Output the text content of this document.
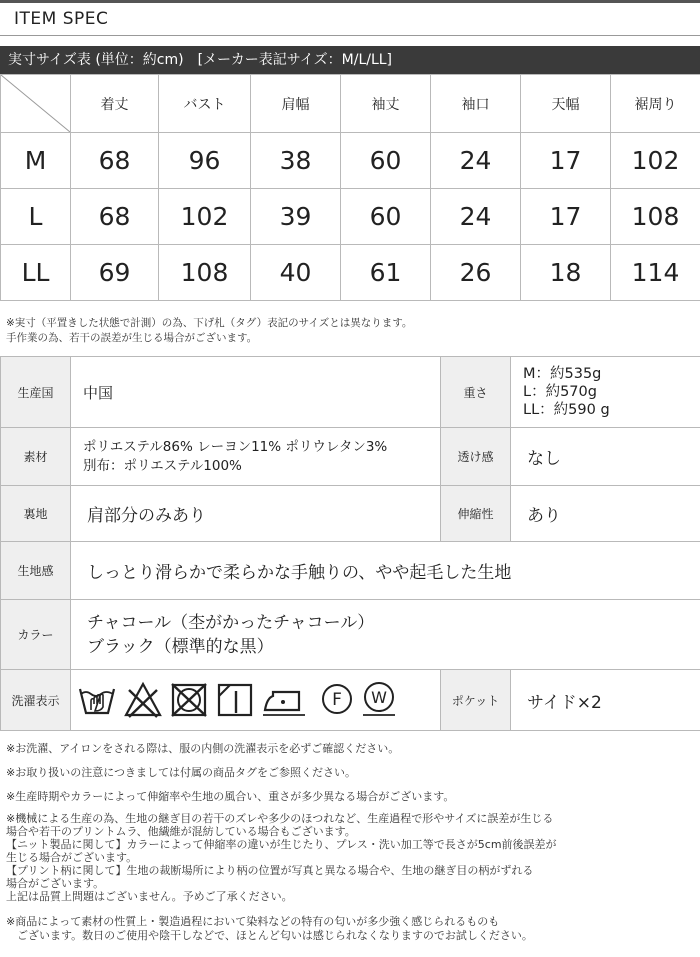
ITEM SPEC
実寸サイズ表 (単位：約cm)　[メーカー表記サイズ：M/L/LL]
	着丈	バスト	肩幅	袖丈	袖口	天幅	裾周り
M	68	96	38	60	24	17	102
L	68	102	39	60	24	17	108
LL	69	108	40	61	26	18	114
※実寸（平置きした状態で計測）の為、下げ札（タグ）表記のサイズとは異なります。
手作業の為、若干の誤差が生じる場合がございます。
生産国	中国	重さ	M：約535g
L：約570g
LL：約590 g

素材	ポリエステル86% レーヨン11% ポリウレタン3%
別布：ポリエステル100%	透け感	なし
裏地	肩部分のみあり	伸縮性	あり
生地感	しっとり滑らかで柔らかな手触りの、やや起毛した生地		
カラー	チャコール（杢がかったチャコール）
ブラック（標準的な黒）		

洗濯表示	F W	ポケット	サイド×2
※お洗濯、アイロンをされる際は、服の内側の洗濯表示を必ずご確認ください。
※お取り扱いの注意につきましては付属の商品タグをご参照ください。
※生産時期やカラーによって伸縮率や生地の風合い、重さが多少異なる場合がございます。
※機械による生産の為、生地の継ぎ目の若干のズレや多少のほつれなど、生産過程で形やサイズに誤差が生じる
場合や若干のプリントムラ、他繊維が混紡している場合もございます。
【ニット製品に関して】カラーによって伸縮率の違いが生じたり、プレス・洗い加工等で長さが5cm前後誤差が
生じる場合がございます。
【プリント柄に関して】生地の裁断場所により柄の位置が写真と異なる場合や、生地の継ぎ目の柄がずれる
場合がございます。
上記は品質上問題はございません。予めご了承ください。
※商品によって素材の性質上・製造過程において染料などの特有の匂いが多少強く感じられるものも
　ございます。数日のご使用や陰干しなどで、ほとんど匂いは感じられなくなりますのでお試しください。
